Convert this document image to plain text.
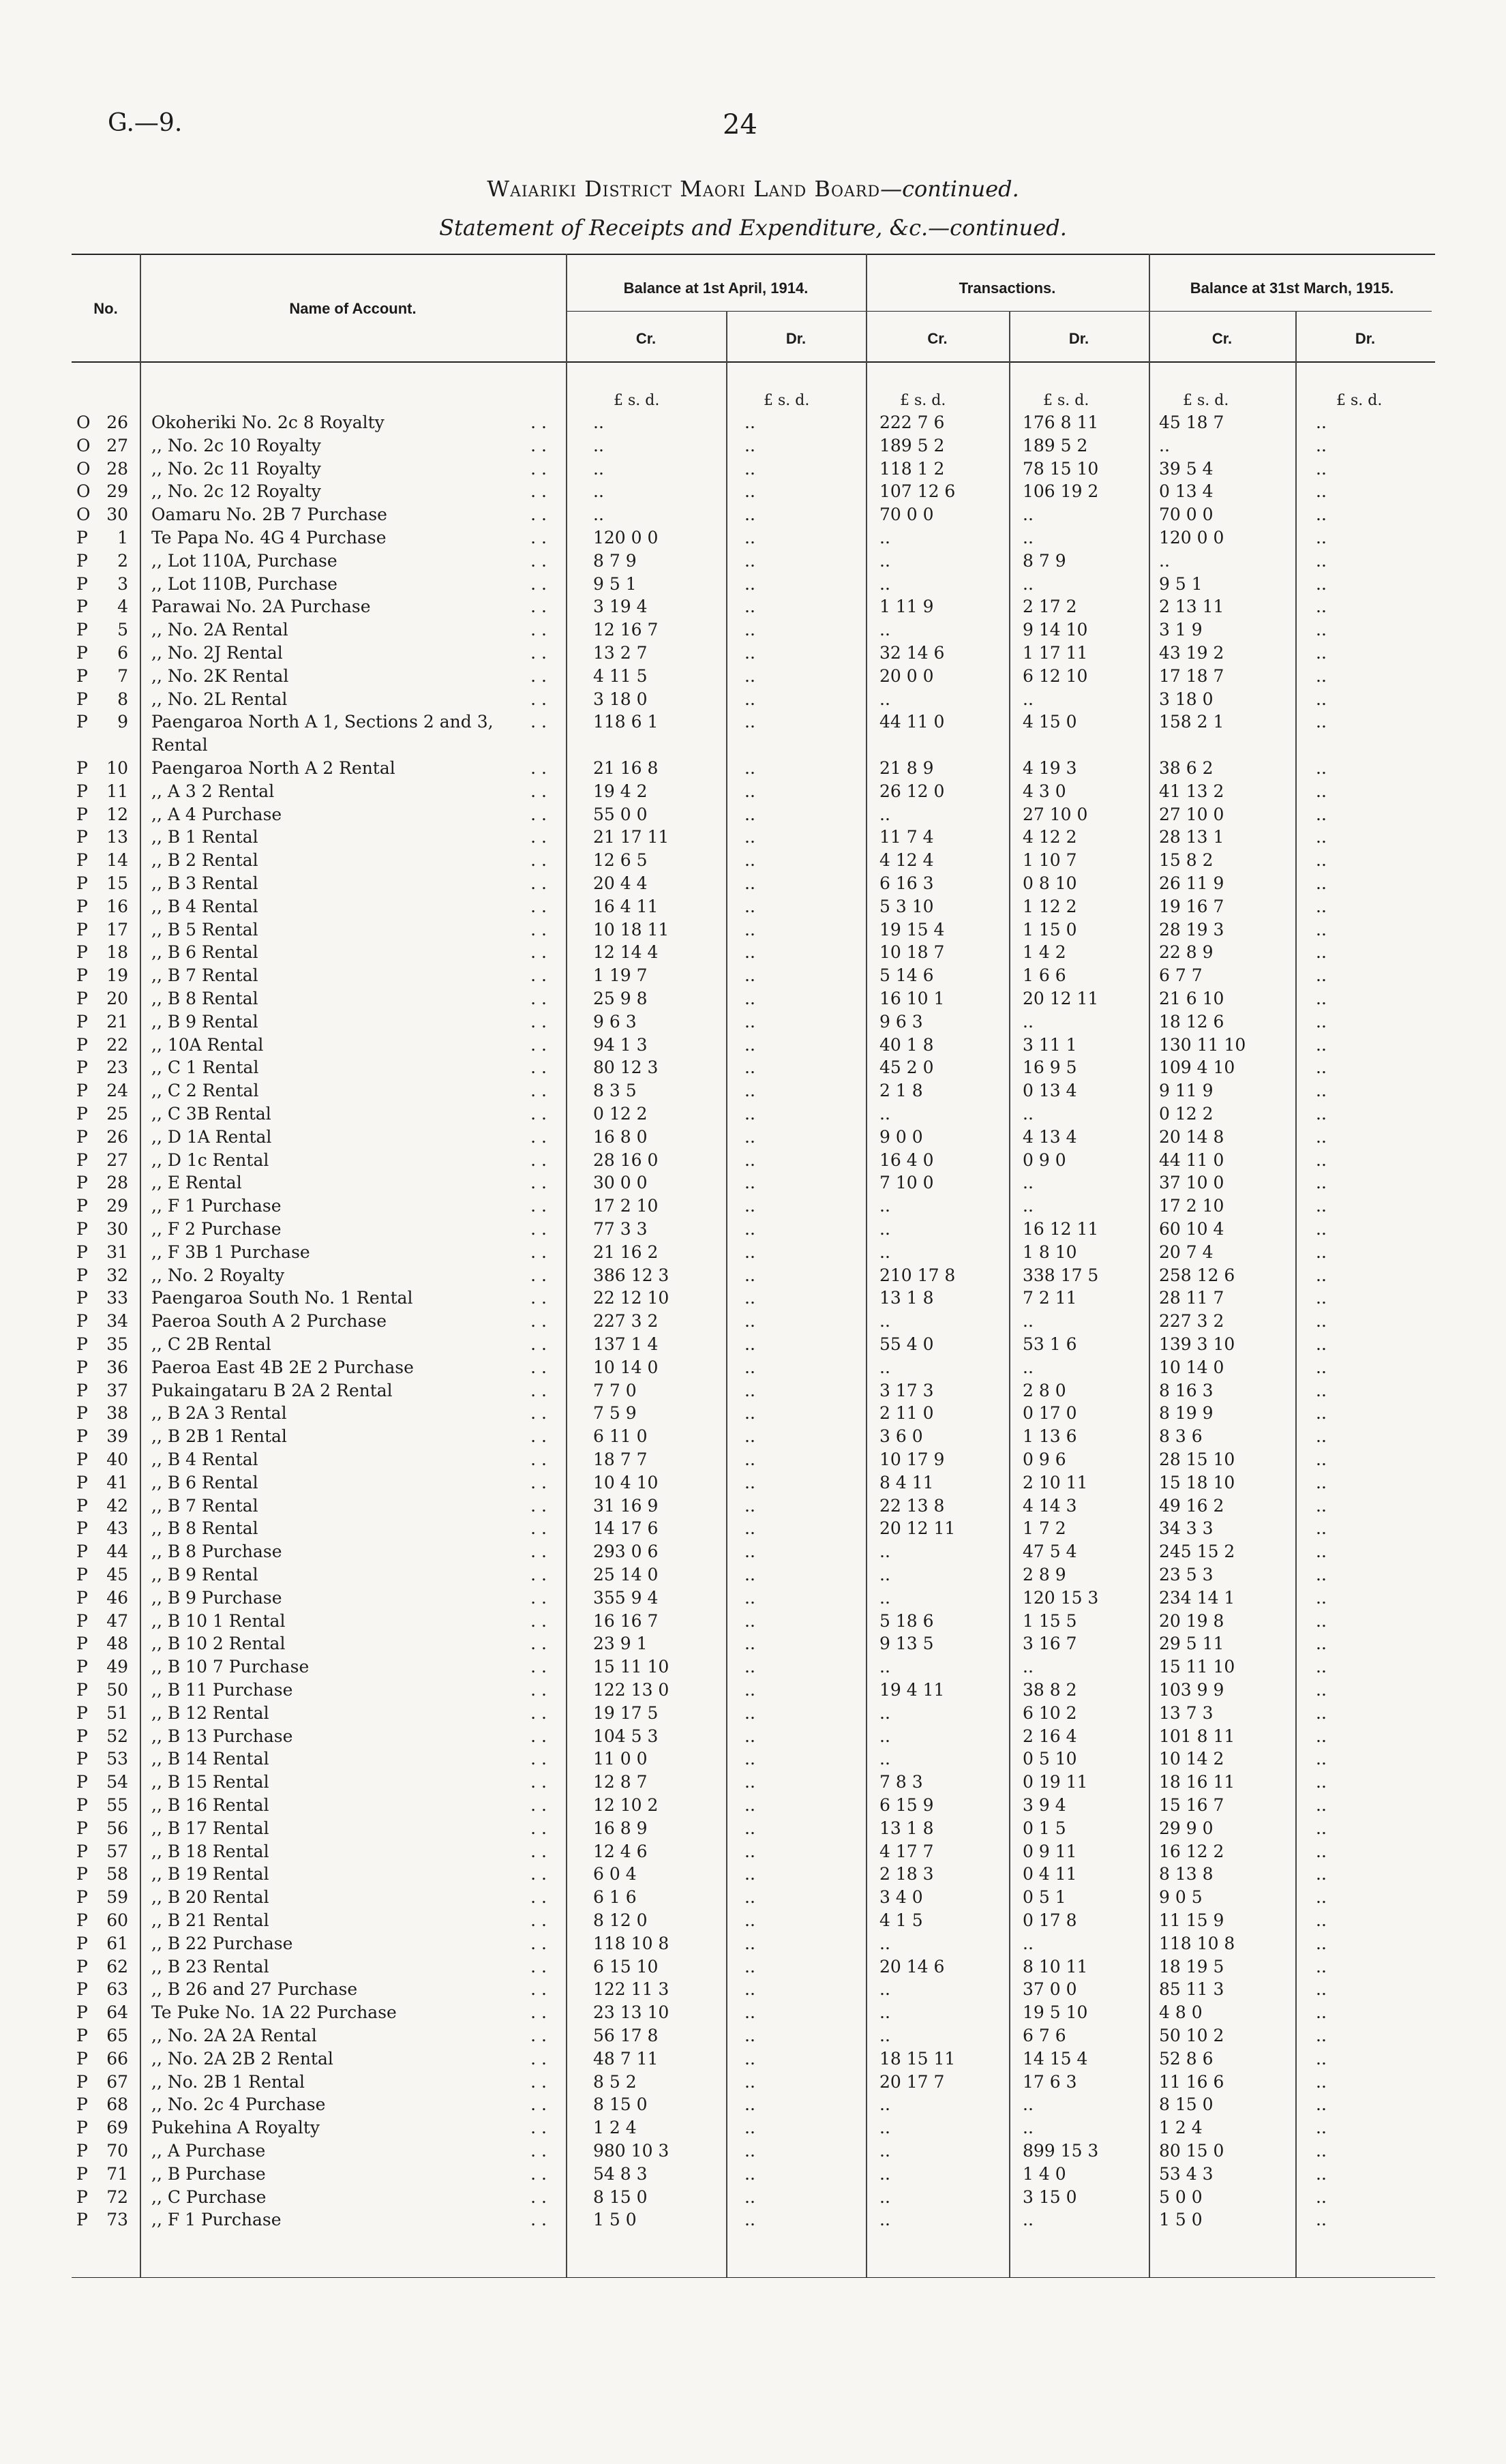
G.—9.	24
Waiariki District Maori Land Board—continued.
Statement of Receipts and Expenditure, &c.—continued.
No.	Name of Account.
Balance at 1st April, 1914.	Transactions.	Balance at 31st March, 1915.
Cr.	Dr.	Cr.	Dr.	Cr.	Dr.
£ s. d.	£ s. d.	£ s. d.	£ s. d.	£ s. d.	£ s. d.
O 26 Okoheriki No. 2c 8 Royalty	..	..	222 7 6	176 8 11	45 18 7	..
. .
O 27 ,, No. 2c 10 Royalty	..	..	189 5 2	189 5 2	..	..
. .
O 28 ,, No. 2c 11 Royalty	..	..	118 1 2	78 15 10	39 5 4	..
. .
O 29 ,, No. 2c 12 Royalty	..	..	107 12 6	106 19 2	0 13 4	..
. .
O 30 Oamaru No. 2B 7 Purchase	..	..	70 0 0	..	70 0 0	..
. .
P	1 Te Papa No. 4G 4 Purchase	120 0 0	..	..	..	120 0 0	..
. .
P	2 ,, Lot 110A, Purchase	8 7 9	..	..	8 7 9	..	..
. .
P	3 ,, Lot 110B, Purchase	9 5 1	..	..	..	9 5 1	..
. .
P	4 Parawai No. 2A Purchase	3 19 4	..	1 11 9	2 17 2	2 13 11	..
. .
P	5 ,, No. 2A Rental	12 16 7	..	..	9 14 10	3 1 9	..
. .
P	6 ,, No. 2J Rental	13 2 7	..	32 14 6	1 17 11	43 19 2	..
. .
P	7 ,, No. 2K Rental	4 11 5	..	20 0 0	6 12 10	17 18 7	..
. .
P	8 ,, No. 2L Rental	3 18 0	..	..	..	3 18 0	..
. .
P	9 Paengaroa North A 1, Sections 2 and 3,	118 6 1	..	44 11 0	4 15 0	158 2 1	..
. .
Rental
P	10 Paengaroa North A 2 Rental	21 16 8	..	21 8 9	4 19 3	38 6 2	..
. .
P	11 ,, A 3 2 Rental	19 4 2	..	26 12 0	4 3 0	41 13 2	..
. .
P	12 ,, A 4 Purchase	55 0 0	..	..	27 10 0	27 10 0	..
. .
P	13 ,, B 1 Rental	21 17 11	..	11 7 4	4 12 2	28 13 1	..
. .
P	14 ,, B 2 Rental	12 6 5	..	4 12 4	1 10 7	15 8 2	..
. .
P	15 ,, B 3 Rental	20 4 4	..	6 16 3	0 8 10	26 11 9	..
. .
P	16 ,, B 4 Rental	16 4 11	..	5 3 10	1 12 2	19 16 7	..
. .
P	17 ,, B 5 Rental	10 18 11	..	19 15 4	1 15 0	28 19 3	..
. .
P	18 ,, B 6 Rental	12 14 4	..	10 18 7	1 4 2	22 8 9	..
. .
P	19 ,, B 7 Rental	1 19 7	..	5 14 6	1 6 6	6 7 7	..
. .
P	20 ,, B 8 Rental	25 9 8	..	16 10 1	20 12 11	21 6 10	..
. .
P	21 ,, B 9 Rental	9 6 3	..	9 6 3	..	18 12 6	..
. .
P	22 ,, 10A Rental	94 1 3	..	40 1 8	3 11 1	130 11 10	..
. .
P	23 ,, C 1 Rental	80 12 3	..	45 2 0	16 9 5	109 4 10	..
. .
P	24 ,, C 2 Rental	8 3 5	..	2 1 8	0 13 4	9 11 9	..
. .
P	25 ,, C 3B Rental	0 12 2	..	..	..	0 12 2	..
. .
P	26 ,, D 1A Rental	16 8 0	..	9 0 0	4 13 4	20 14 8	..
. .
P	27 ,, D 1c Rental	28 16 0	..	16 4 0	0 9 0	44 11 0	..
. .
P	28 ,, E Rental	30 0 0	..	7 10 0	..	37 10 0	..
. .
P	29 ,, F 1 Purchase	17 2 10	..	..	..	17 2 10	..
. .
P	30 ,, F 2 Purchase	77 3 3	..	..	16 12 11	60 10 4	..
. .
P	31 ,, F 3B 1 Purchase	21 16 2	..	..	1 8 10	20 7 4	..
. .
P	32 ,, No. 2 Royalty	386 12 3	..	210 17 8	338 17 5	258 12 6	..
. .
P	33 Paengaroa South No. 1 Rental	22 12 10	..	13 1 8	7 2 11	28 11 7	..
. .
P	34 Paeroa South A 2 Purchase	227 3 2	..	..	..	227 3 2	..
. .
P	35 ,, C 2B Rental	137 1 4	..	55 4 0	53 1 6	139 3 10	..
. .
P	36 Paeroa East 4B 2E 2 Purchase	10 14 0	..	..	..	10 14 0	..
. .
P	37 Pukaingataru B 2A 2 Rental	7 7 0	..	3 17 3	2 8 0	8 16 3	..
. .
P	38 ,, B 2A 3 Rental	7 5 9	..	2 11 0	0 17 0	8 19 9	..
. .
P	39 ,, B 2B 1 Rental	6 11 0	..	3 6 0	1 13 6	8 3 6	..
. .
P	40 ,, B 4 Rental	18 7 7	..	10 17 9	0 9 6	28 15 10	..
. .
P	41 ,, B 6 Rental	10 4 10	..	8 4 11	2 10 11	15 18 10	..
. .
P	42 ,, B 7 Rental	31 16 9	..	22 13 8	4 14 3	49 16 2	..
. .
P	43 ,, B 8 Rental	14 17 6	..	20 12 11	1 7 2	34 3 3	..
. .
P	44 ,, B 8 Purchase	293 0 6	..	..	47 5 4	245 15 2	..
. .
P	45 ,, B 9 Rental	25 14 0	..	..	2 8 9	23 5 3	..
. .
P	46 ,, B 9 Purchase	355 9 4	..	..	120 15 3	234 14 1	..
. .
P	47 ,, B 10 1 Rental	16 16 7	..	5 18 6	1 15 5	20 19 8	..
. .
P	48 ,, B 10 2 Rental	23 9 1	..	9 13 5	3 16 7	29 5 11	..
. .
P	49 ,, B 10 7 Purchase	15 11 10	..	..	..	15 11 10	..
. .
P	50 ,, B 11 Purchase	122 13 0	..	19 4 11	38 8 2	103 9 9	..
. .
P	51 ,, B 12 Rental	19 17 5	..	..	6 10 2	13 7 3	..
. .
P	52 ,, B 13 Purchase	104 5 3	..	..	2 16 4	101 8 11	..
. .
P	53 ,, B 14 Rental	11 0 0	..	..	0 5 10	10 14 2	..
. .
P	54 ,, B 15 Rental	12 8 7	..	7 8 3	0 19 11	18 16 11	..
. .
P	55 ,, B 16 Rental	12 10 2	..	6 15 9	3 9 4	15 16 7	..
. .
P	56 ,, B 17 Rental	16 8 9	..	13 1 8	0 1 5	29 9 0	..
. .
P	57 ,, B 18 Rental	12 4 6	..	4 17 7	0 9 11	16 12 2	..
. .
P	58 ,, B 19 Rental	6 0 4	..	2 18 3	0 4 11	8 13 8	..
. .
P	59 ,, B 20 Rental	6 1 6	..	3 4 0	0 5 1	9 0 5	..
. .
P	60 ,, B 21 Rental	8 12 0	..	4 1 5	0 17 8	11 15 9	..
. .
P	61 ,, B 22 Purchase	118 10 8	..	..	..	118 10 8	..
. .
P	62 ,, B 23 Rental	6 15 10	..	20 14 6	8 10 11	18 19 5	..
. .
P	63 ,, B 26 and 27 Purchase	122 11 3	..	..	37 0 0	85 11 3	..
. .
P	64 Te Puke No. 1A 22 Purchase	23 13 10	..	..	19 5 10	4 8 0	..
. .
P	65 ,, No. 2A 2A Rental	56 17 8	..	..	6 7 6	50 10 2	..
. .
P	66 ,, No. 2A 2B 2 Rental	48 7 11	..	18 15 11	14 15 4	52 8 6	..
. .
P	67 ,, No. 2B 1 Rental	8 5 2	..	20 17 7	17 6 3	11 16 6	..
. .
P	68 ,, No. 2c 4 Purchase	8 15 0	..	..	..	8 15 0	..
. .
P	69 Pukehina A Royalty	1 2 4	..	..	..	1 2 4	..
. .
P	70 ,, A Purchase	980 10 3	..	..	899 15 3	80 15 0	..
. .
P	71 ,, B Purchase	54 8 3	..	..	1 4 0	53 4 3	..
. .
P	72 ,, C Purchase	8 15 0	..	..	3 15 0	5 0 0	..
. .
P	73 ,, F 1 Purchase	1 5 0	..	..	..	1 5 0	..
. .
